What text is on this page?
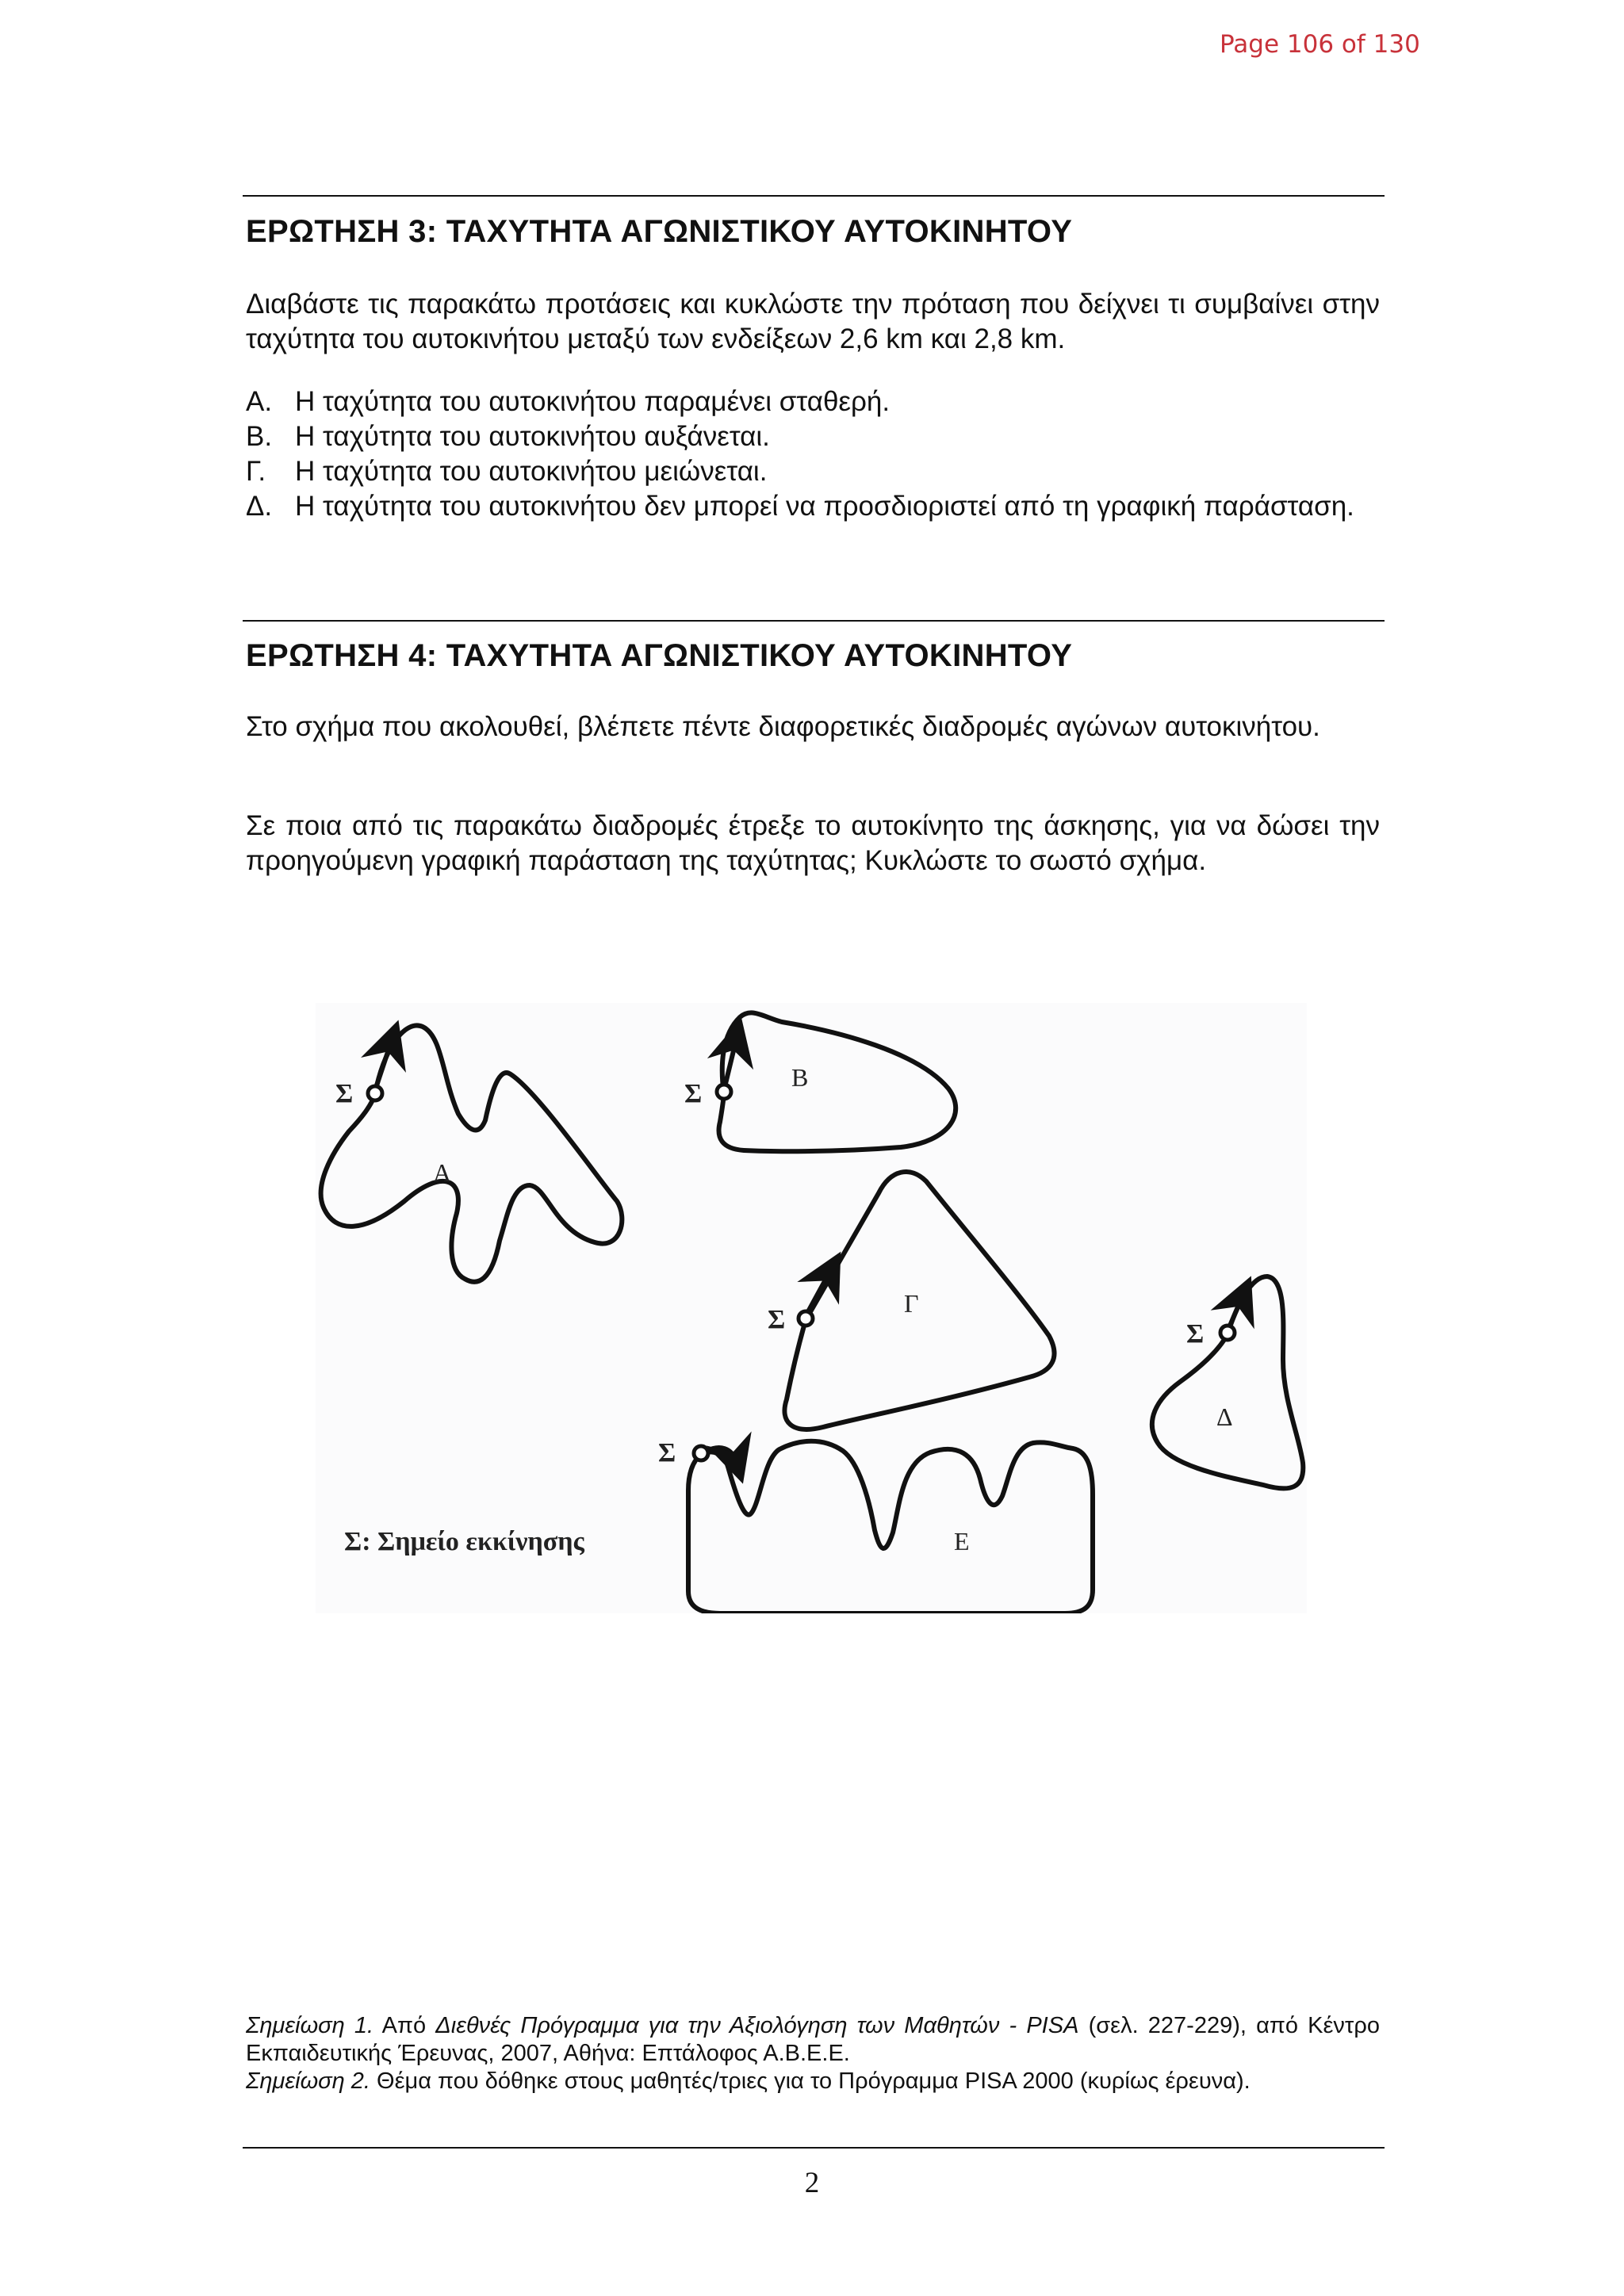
Page 106 of 130
ΕΡΩΤΗΣΗ 3: ΤΑΧΥΤΗΤΑ ΑΓΩΝΙΣΤΙΚΟΥ ΑΥΤΟΚΙΝΗΤΟΥ

Διαβάστε τις παρακάτω προτάσεις και κυκλώστε την πρόταση που δείχνει τι συμβαίνει στην ταχύτητα του αυτοκινήτου μεταξύ των ενδείξεων 2,6 km και 2,8 km.

Α. Η ταχύτητα του αυτοκινήτου παραμένει σταθερή.
Β. Η ταχύτητα του αυτοκινήτου αυξάνεται.
Γ.	Η ταχύτητα του αυτοκινήτου μειώνεται.
Δ. Η ταχύτητα του αυτοκινήτου δεν μπορεί να προσδιοριστεί από τη γραφική παράσταση.
ΕΡΩΤΗΣΗ 4: ΤΑΧΥΤΗΤΑ ΑΓΩΝΙΣΤΙΚΟΥ ΑΥΤΟΚΙΝΗΤΟΥ

Στο σχήμα που ακολουθεί, βλέπετε πέντε διαφορετικές διαδρομές αγώνων αυτοκινήτου.

Σε ποια από τις παρακάτω διαδρομές έτρεξε το αυτοκίνητο της άσκησης, για να δώσει την προηγούμενη γραφική παράσταση της ταχύτητας; Κυκλώστε το σωστό σχήμα.

Σ
Α
Σ
Β
Σ
Γ
Σ
Δ
Σ
Ε
Σ: Σημείο εκκίνησης

Σημείωση 1. Από Διεθνές Πρόγραμμα για την Αξιολόγηση των Μαθητών - PISA (σελ. 227-229), από Κέντρο Εκπαιδευτικής Έρευνας, 2007, Αθήνα: Επτάλοφος Α.Β.Ε.Ε.

Σημείωση 2. Θέμα που δόθηκε στους μαθητές/τριες για το Πρόγραμμα PISA 2000 (κυρίως έρευνα).

2
